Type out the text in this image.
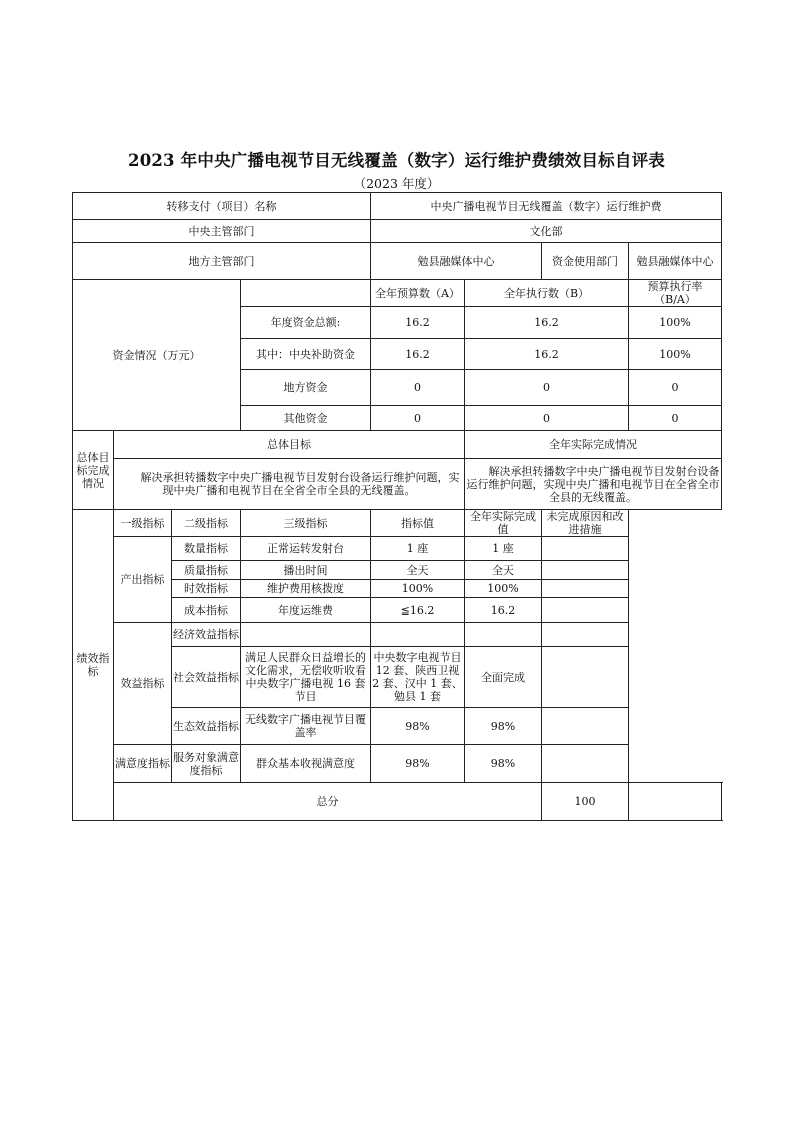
2023 年中央广播电视节目无线覆盖（数字）运行维护费绩效目标自评表
（2023 年度）
转移支付（项目）名称				中央广播电视节目无线覆盖（数字）运行维护费			
中央主管部门				文化部			
地方主管部门				勉县融媒体中心		资金使用部门	勉县融媒体中心
资金情况（万元）				全年预算数（A）	全年执行数（B）		预算执行率（B/A）
			年度资金总额:	16.2	16.2		100%
			其中：中央补助资金	16.2	16.2		100%
			地方资金	0	0		0
			其他资金	0	0		0
总体目标完成情况	总体目标				全年实际完成情况		
	解决承担转播数字中央广播电视节目发射台设备运行维护问题，实现中央广播和电视节目在全省全市全县的无线覆盖。				解决承担转播数字中央广播电视节目发射台设备运行维护问题，实现中央广播和电视节目在全省全市全县的无线覆盖。		
绩效指标	一级指标	二级指标	三级指标	指标值	全年实际完成值	未完成原因和改进措施	
	产出指标	数量指标	正常运转发射台	1 座	1 座		
		质量指标	播出时间	全天	全天		
		时效指标	维护费用核拨度	100%	100%		
		成本指标	年度运维费	≦16.2	16.2		
	效益指标	经济效益指标					
		社会效益指标	满足人民群众日益增长的文化需求，无偿收听收看中央数字广播电视 16 套节目	中央数字电视节目 12 套、陕西卫视 2 套、汉中 1 套、勉县 1 套	全面完成		
		生态效益指标	无线数字广播电视节目覆盖率	98%	98%		
	满意度指标	服务对象满意度指标	群众基本收视满意度	98%	98%		
	总分					100	
